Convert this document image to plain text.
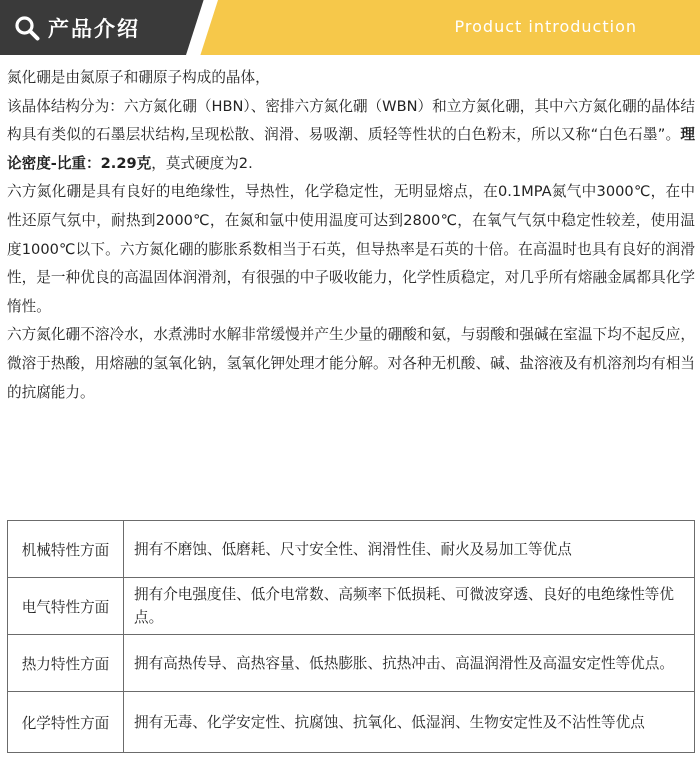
产品介绍	Product introduction

氮化硼是由氮原子和硼原子构成的晶体，

该晶体结构分为：六方氮化硼（HBN）、密排六方氮化硼（WBN）和立方氮化硼，其中六方氮化硼的晶体结构具有类似的石墨层状结构,呈现松散、润滑、易吸潮、质轻等性状的白色粉末，所以又称“白色石墨”。理论密度-比重：2.29克，莫式硬度为2.

六方氮化硼是具有良好的电绝缘性，导热性，化学稳定性，无明显熔点，在0.1MPA氮气中3000℃，在中性还原气氛中，耐热到2000℃，在氮和氩中使用温度可达到2800℃，在氧气气氛中稳定性较差，使用温度1000℃以下。六方氮化硼的膨胀系数相当于石英，但导热率是石英的十倍。在高温时也具有良好的润滑性，是一种优良的高温固体润滑剂，有很强的中子吸收能力，化学性质稳定，对几乎所有熔融金属都具化学惰性。

六方氮化硼不溶冷水，水煮沸时水解非常缓慢并产生少量的硼酸和氨，与弱酸和强碱在室温下均不起反应，微溶于热酸，用熔融的氢氧化钠，氢氧化钾处理才能分解。对各种无机酸、碱、盐溶液及有机溶剂均有相当的抗腐能力。

机械特性方面	拥有不磨蚀、低磨耗、尺寸安全性、润滑性佳、耐火及易加工等优点
电气特性方面	拥有介电强度佳、低介电常数、高频率下低损耗、可微波穿透、良好的电绝缘性等优点。
热力特性方面	拥有高热传导、高热容量、低热膨胀、抗热冲击、高温润滑性及高温安定性等优点。
化学特性方面	拥有无毒、化学安定性、抗腐蚀、抗氧化、低湿润、生物安定性及不沾性等优点
